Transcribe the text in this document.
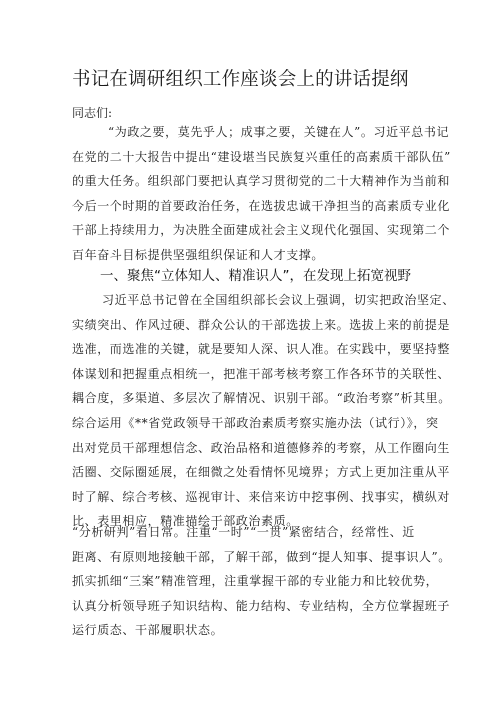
书记在调研组织工作座谈会上的讲话提纲
同志们:
“为政之要，莫先乎人；成事之要，关键在人”。习近平总书记
在党的二十大报告中提出“建设堪当民族复兴重任的高素质干部队伍”
的重大任务。组织部门要把认真学习贯彻党的二十大精神作为当前和
今后一个时期的首要政治任务，在选拔忠诚干净担当的高素质专业化
干部上持续用力，为决胜全面建成社会主义现代化强国、实现第二个
百年奋斗目标提供坚强组织保证和人才支撑。
一、聚焦“立体知人、精准识人”，在发现上拓宽视野
习近平总书记曾在全国组织部长会议上强调，切实把政治坚定、
实绩突出、作风过硬、群众公认的干部选拔上来。选拔上来的前提是
选准，而选准的关键，就是要知人深、识人准。在实践中，要坚持整
体谋划和把握重点相统一，把准干部考核考察工作各环节的关联性、
耦合度，多渠道、多层次了解情况、识别干部。“政治考察”析其里。
综合运用《**省党政领导干部政治素质考察实施办法（试行）》，突
出对党员干部理想信念、政治品格和道德修养的考察，从工作圈向生
活圈、交际圈延展，在细微之处看情怀见境界；方式上更加注重从平
时了解、综合考核、巡视审计、来信来访中挖事例、找事实，横纵对
比、表里相应，精准描绘干部政治素质。
“分析研判”看日常。注重“一时”“一贯”紧密结合，经常性、近
距离、有原则地接触干部，了解干部，做到“提人知事、提事识人”。
抓实抓细“三案”精准管理，注重掌握干部的专业能力和比较优势，
认真分析领导班子知识结构、能力结构、专业结构，全方位掌握班子
运行质态、干部履职状态。
